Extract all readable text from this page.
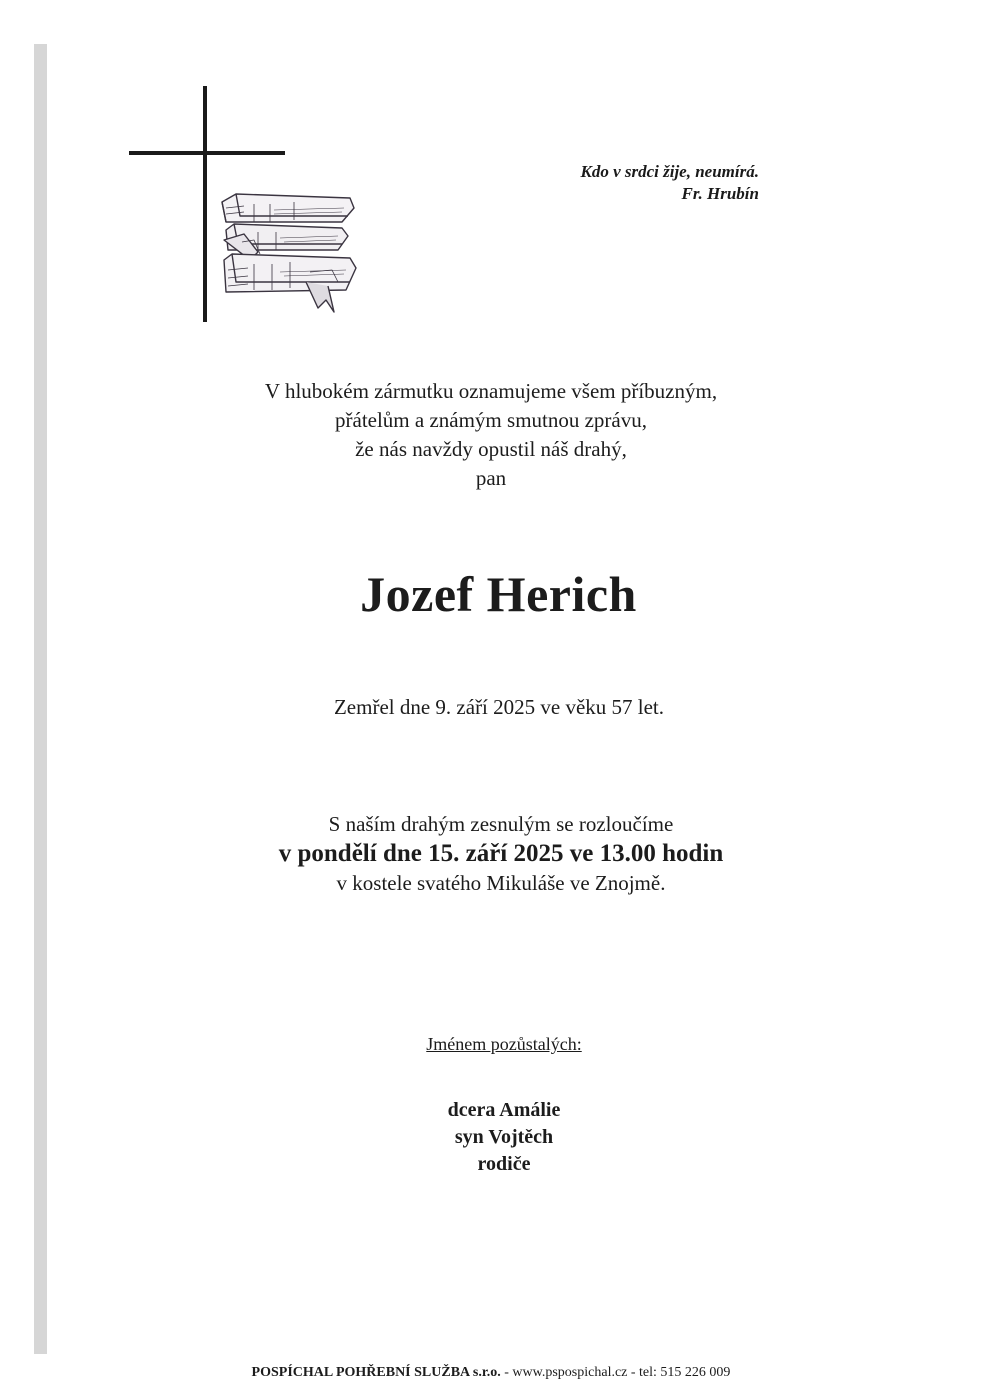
Kdo v srdci žije, neumírá.
Fr. Hrubín
V hlubokém zármutku oznamujeme všem příbuzným,
přátelům a známým smutnou zprávu,
že nás navždy opustil náš drahý,
pan
Jozef Herich
Zemřel dne 9. září 2025 ve věku 57 let.
S naším drahým zesnulým se rozloučíme
v pondělí dne 15. září 2025 ve 13.00 hodin
v kostele svatého Mikuláše ve Znojmě.
Jménem pozůstalých:
dcera Amálie
syn Vojtěch
rodiče
POSPÍCHAL POHŘEBNÍ SLUŽBA s.r.o. - www.pspospichal.cz - tel: 515 226 009
